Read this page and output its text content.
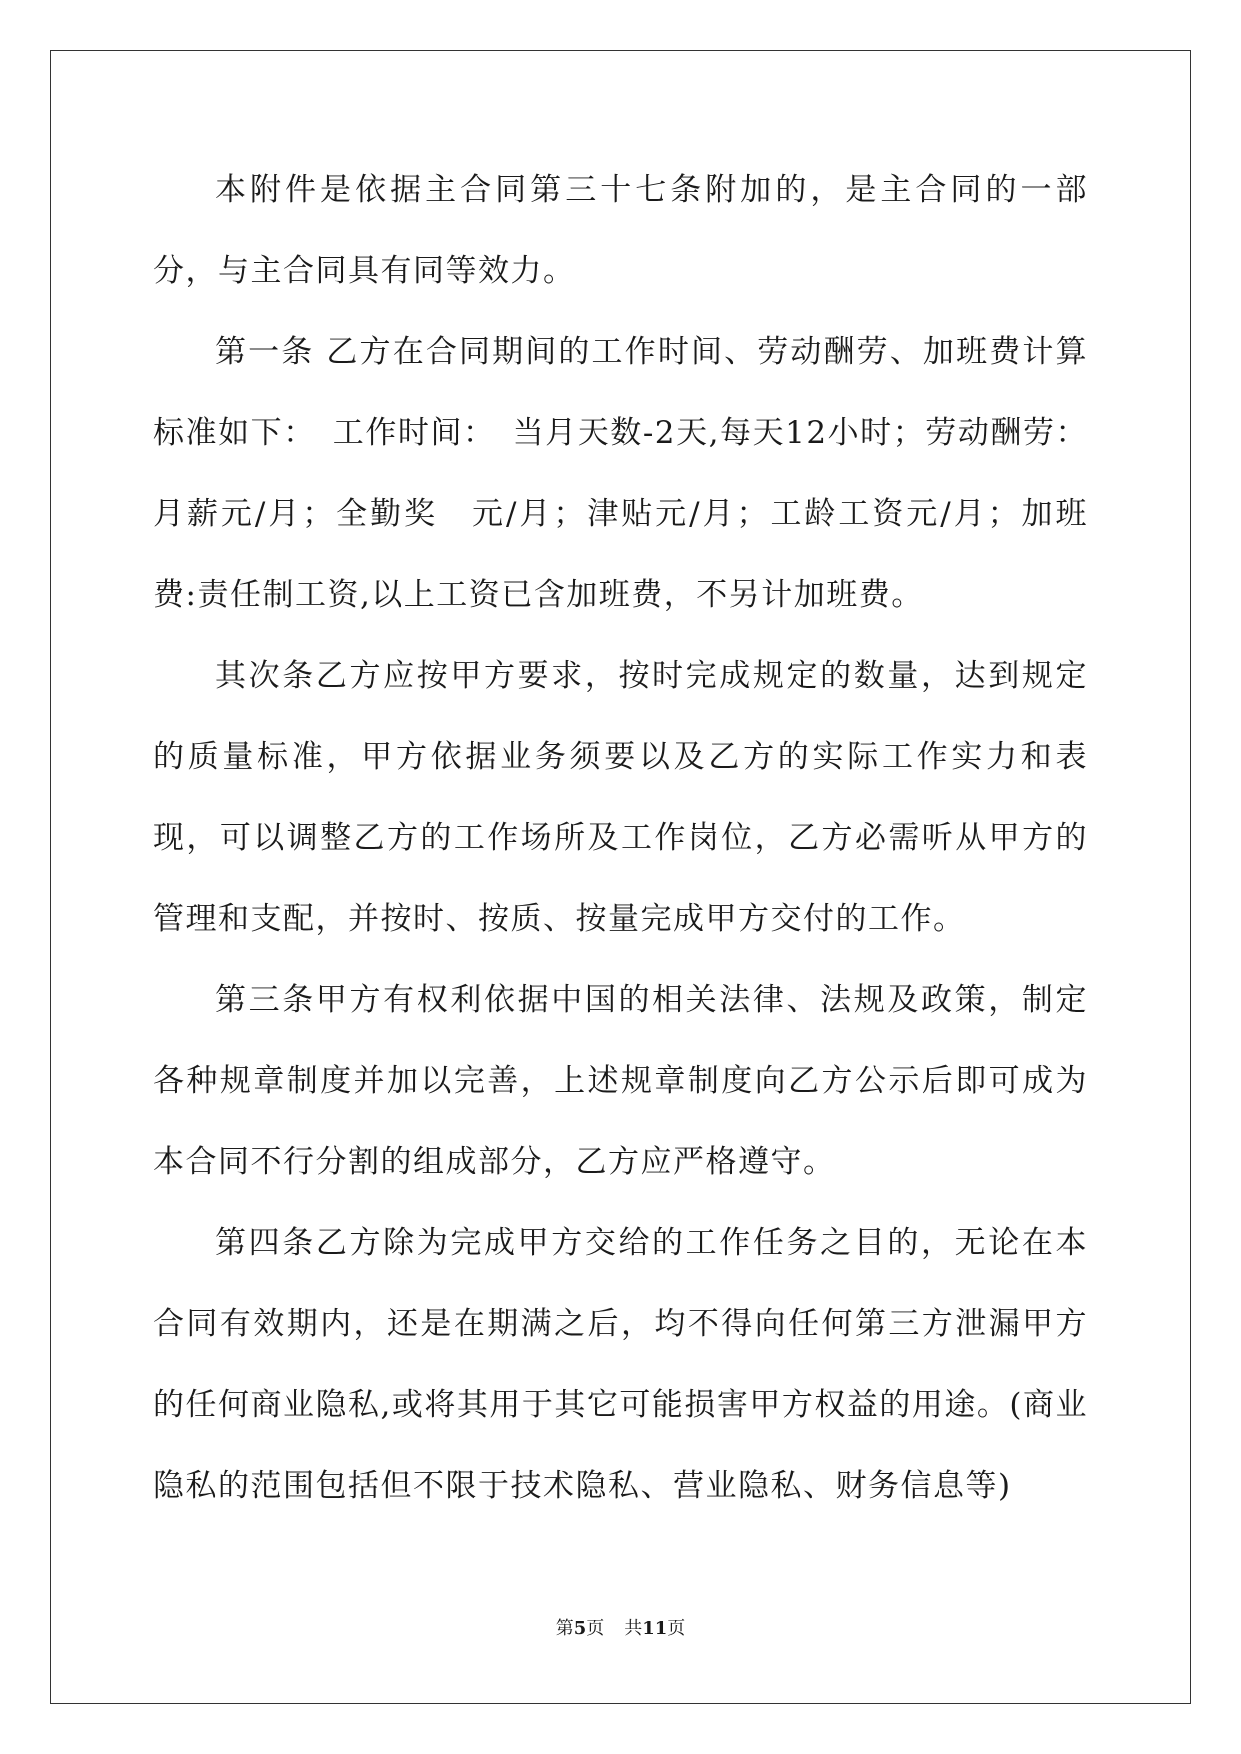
本附件是依据主合同第三十七条附加的，是主合同的一部分，与主合同具有同等效力。

第一条 乙方在合同期间的工作时间、劳动酬劳、加班费计算标准如下：　工作时间：　当月天数-2天,每天12小时；劳动酬劳：月薪元/月；全勤奖　元/月；津贴元/月；工龄工资元/月；加班费:责任制工资,以上工资已含加班费，不另计加班费。

其次条乙方应按甲方要求，按时完成规定的数量，达到规定的质量标准，甲方依据业务须要以及乙方的实际工作实力和表现，可以调整乙方的工作场所及工作岗位，乙方必需听从甲方的管理和支配，并按时、按质、按量完成甲方交付的工作。

第三条甲方有权利依据中国的相关法律、法规及政策，制定各种规章制度并加以完善，上述规章制度向乙方公示后即可成为本合同不行分割的组成部分，乙方应严格遵守。

第四条乙方除为完成甲方交给的工作任务之目的，无论在本合同有效期内，还是在期满之后，均不得向任何第三方泄漏甲方的任何商业隐私,或将其用于其它可能损害甲方权益的用途。(商业隐私的范围包括但不限于技术隐私、营业隐私、财务信息等)

第5页 共11页
